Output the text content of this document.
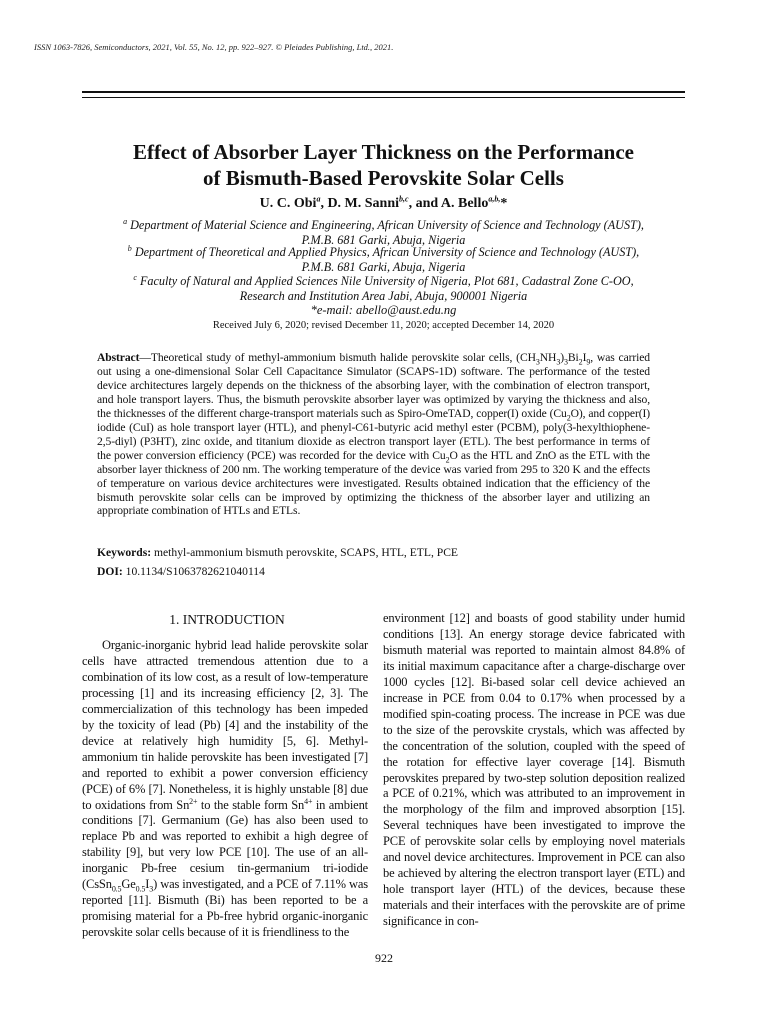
ISSN 1063-7826, Semiconductors, 2021, Vol. 55, No. 12, pp. 922–927. © Pleiades Publishing, Ltd., 2021.
Effect of Absorber Layer Thickness on the Performance
of Bismuth-Based Perovskite Solar Cells
U. C. Obi$^a$, D. M. Sanni$^{b,c}$, and A. Bello$^{a,b,}$*
$^a$ Department of Material Science and Engineering, African University of Science and Technology (AUST),
P.M.B. 681 Garki, Abuja, Nigeria
$^b$ Department of Theoretical and Applied Physics, African University of Science and Technology (AUST),
P.M.B. 681 Garki, Abuja, Nigeria
$^c$ Faculty of Natural and Applied Sciences Nile University of Nigeria, Plot 681, Cadastral Zone C-OO,
Research and Institution Area Jabi, Abuja, 900001 Nigeria
*e-mail: abello@aust.edu.ng
Received July 6, 2020; revised December 11, 2020; accepted December 14, 2020
Abstract—Theoretical study of methyl-ammonium bismuth halide perovskite solar cells, $(CH_3NH_3)_3Bi_2I_9$, was carried out using a one-dimensional Solar Cell Capacitance Simulator (SCAPS-1D) software. The performance of the tested device architectures largely depends on the thickness of the absorbing layer, with the combination of electron transport, and hole transport layers. Thus, the bismuth perovskite absorber layer was optimized by varying the thickness and also, the thicknesses of the different charge-transport materials such as Spiro-OmeTAD, copper(I) oxide $(Cu_2O)$, and copper(I) iodide (CuI) as hole transport layer (HTL), and phenyl-C61-butyric acid methyl ester (PCBM), poly(3-hexylthiophene-2,5-diyl) (P3HT), zinc oxide, and titanium dioxide as electron transport layer (ETL). The best performance in terms of the power conversion efficiency (PCE) was recorded for the device with $Cu_2O$ as the HTL and ZnO as the ETL with the absorber layer thickness of 200 nm. The working temperature of the device was varied from 295 to 320 K and the effects of temperature on various device architectures were investigated. Results obtained indication that the efficiency of the bismuth perovskite solar cells can be improved by optimizing the thickness of the absorber layer and utilizing an appropriate combination of HTLs and ETLs.
Keywords: methyl-ammonium bismuth perovskite, SCAPS, HTL, ETL, PCE
DOI: 10.1134/S1063782621040114
1. INTRODUCTION

Organic-inorganic hybrid lead halide perovskite solar cells have attracted tremendous attention due to a combination of its low cost, as a result of low-temperature processing [1] and its increasing efficiency [2, 3]. The commercialization of this technology has been impeded by the toxicity of lead (Pb) [4] and the instability of the device at relatively high humidity [5, 6]. Methyl-ammonium tin halide perovskite has been investigated [7] and reported to exhibit a power conversion efficiency (PCE) of 6% [7]. Nonetheless, it is highly unstable [8] due to oxidations from $Sn^{2+}$ to the stable form $Sn^{4+}$ in ambient conditions [7]. Germanium (Ge) has also been used to replace Pb and was reported to exhibit a high degree of stability [9], but very low PCE [10]. The use of an all-inorganic Pb-free cesium tin-germanium tri-iodide $(CsSn_{0.5}Ge_{0.5}I_3)$ was investigated, and a PCE of 7.11% was reported [11]. Bismuth (Bi) has been reported to be a promising material for a Pb-free hybrid organic-inorganic perovskite solar cells because of it is friendliness to the

environment [12] and boasts of good stability under humid conditions [13]. An energy storage device fabricated with bismuth material was reported to maintain almost 84.8% of its initial maximum capacitance after a charge-discharge over 1000 cycles [12]. Bi-based solar cell device achieved an increase in PCE from 0.04 to 0.17% when processed by a modified spin-coating process. The increase in PCE was due to the size of the perovskite crystals, which was affected by the concentration of the solution, coupled with the speed of the rotation for effective layer coverage [14]. Bismuth perovskites prepared by two-step solution deposition realized a PCE of 0.21%, which was attributed to an improvement in the morphology of the film and improved absorption [15]. Several techniques have been investigated to improve the PCE of perovskite solar cells by employing novel materials and novel device architectures. Improvement in PCE can also be achieved by altering the electron transport layer (ETL) and hole transport layer (HTL) of the devices, because these materials and their interfaces with the perovskite are of prime significance in con-

922
